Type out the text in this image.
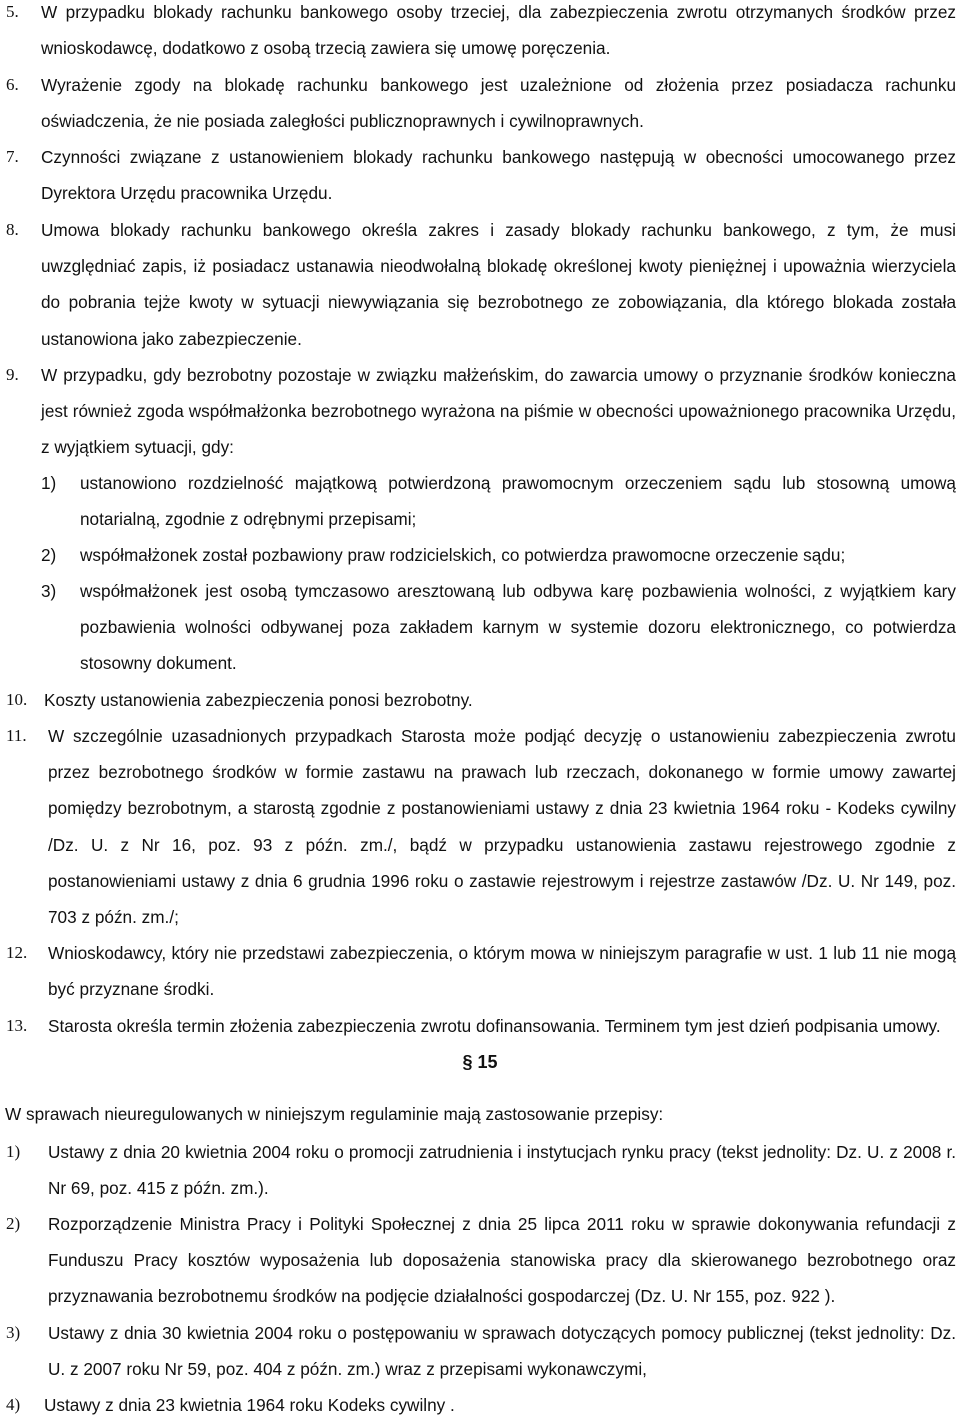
5. W przypadku blokady rachunku bankowego osoby trzeciej, dla zabezpieczenia zwrotu otrzymanych środków przez wnioskodawcę, dodatkowo z osobą trzecią zawiera się umowę poręczenia.
6. Wyrażenie zgody na blokadę rachunku bankowego jest uzależnione od złożenia przez posiadacza rachunku oświadczenia, że nie posiada zaległości publicznoprawnych i cywilnoprawnych.
7. Czynności związane z ustanowieniem blokady rachunku bankowego następują w obecności umocowanego przez Dyrektora Urzędu pracownika Urzędu.
8. Umowa blokady rachunku bankowego określa zakres i zasady blokady rachunku bankowego, z tym, że musi uwzględniać zapis, iż posiadacz ustanawia nieodwołalną blokadę określonej kwoty pieniężnej i upoważnia wierzyciela do pobrania tejże kwoty w sytuacji niewywiązania się bezrobotnego ze zobowiązania, dla którego blokada została ustanowiona jako zabezpieczenie.
9. W przypadku, gdy bezrobotny pozostaje w związku małżeńskim, do zawarcia umowy o przyznanie środków konieczna jest również zgoda współmałżonka bezrobotnego wyrażona na piśmie w obecności upoważnionego pracownika Urzędu, z wyjątkiem sytuacji, gdy:
1) ustanowiono rozdzielność majątkową potwierdzoną prawomocnym orzeczeniem sądu lub stosowną umową notarialną, zgodnie z odrębnymi przepisami;
2) współmałżonek został pozbawiony praw rodzicielskich, co potwierdza prawomocne orzeczenie sądu;
3) współmałżonek jest osobą tymczasowo aresztowaną lub odbywa karę pozbawienia wolności, z wyjątkiem kary pozbawienia wolności odbywanej poza zakładem karnym w systemie dozoru elektronicznego, co potwierdza stosowny dokument.
10. Koszty ustanowienia zabezpieczenia ponosi bezrobotny.
11. W szczególnie uzasadnionych przypadkach Starosta może podjąć decyzję o ustanowieniu zabezpieczenia zwrotu przez bezrobotnego środków w formie zastawu na prawach lub rzeczach, dokonanego w formie umowy zawartej pomiędzy bezrobotnym, a starostą zgodnie z postanowieniami ustawy z dnia 23 kwietnia 1964 roku - Kodeks cywilny /Dz. U. z Nr 16, poz. 93 z późn. zm./, bądź w przypadku ustanowienia zastawu rejestrowego zgodnie z postanowieniami ustawy z dnia 6 grudnia 1996 roku o zastawie rejestrowym i rejestrze zastawów /Dz. U. Nr 149, poz. 703 z późn. zm./;
12. Wnioskodawcy, który nie przedstawi zabezpieczenia, o którym mowa w niniejszym paragrafie w ust. 1 lub 11 nie mogą być przyznane środki.
13. Starosta określa termin złożenia zabezpieczenia zwrotu dofinansowania. Terminem tym jest dzień podpisania umowy.
§ 15
W sprawach nieuregulowanych w niniejszym regulaminie mają zastosowanie przepisy:
1) Ustawy z dnia 20 kwietnia 2004 roku o promocji zatrudnienia i instytucjach rynku pracy (tekst jednolity: Dz. U. z 2008 r. Nr 69, poz. 415 z późn. zm.).
2) Rozporządzenie Ministra Pracy i Polityki Społecznej z dnia 25 lipca 2011 roku w sprawie dokonywania refundacji z Funduszu Pracy kosztów wyposażenia lub doposażenia stanowiska pracy dla skierowanego bezrobotnego oraz przyznawania bezrobotnemu środków na podjęcie działalności gospodarczej (Dz. U. Nr 155, poz. 922 ).
3) Ustawy z dnia 30 kwietnia 2004 roku o postępowaniu w sprawach dotyczących pomocy publicznej (tekst jednolity: Dz. U. z 2007 roku Nr 59, poz. 404 z późn. zm.) wraz z przepisami wykonawczymi,
4) Ustawy z dnia 23 kwietnia 1964 roku Kodeks cywilny .
